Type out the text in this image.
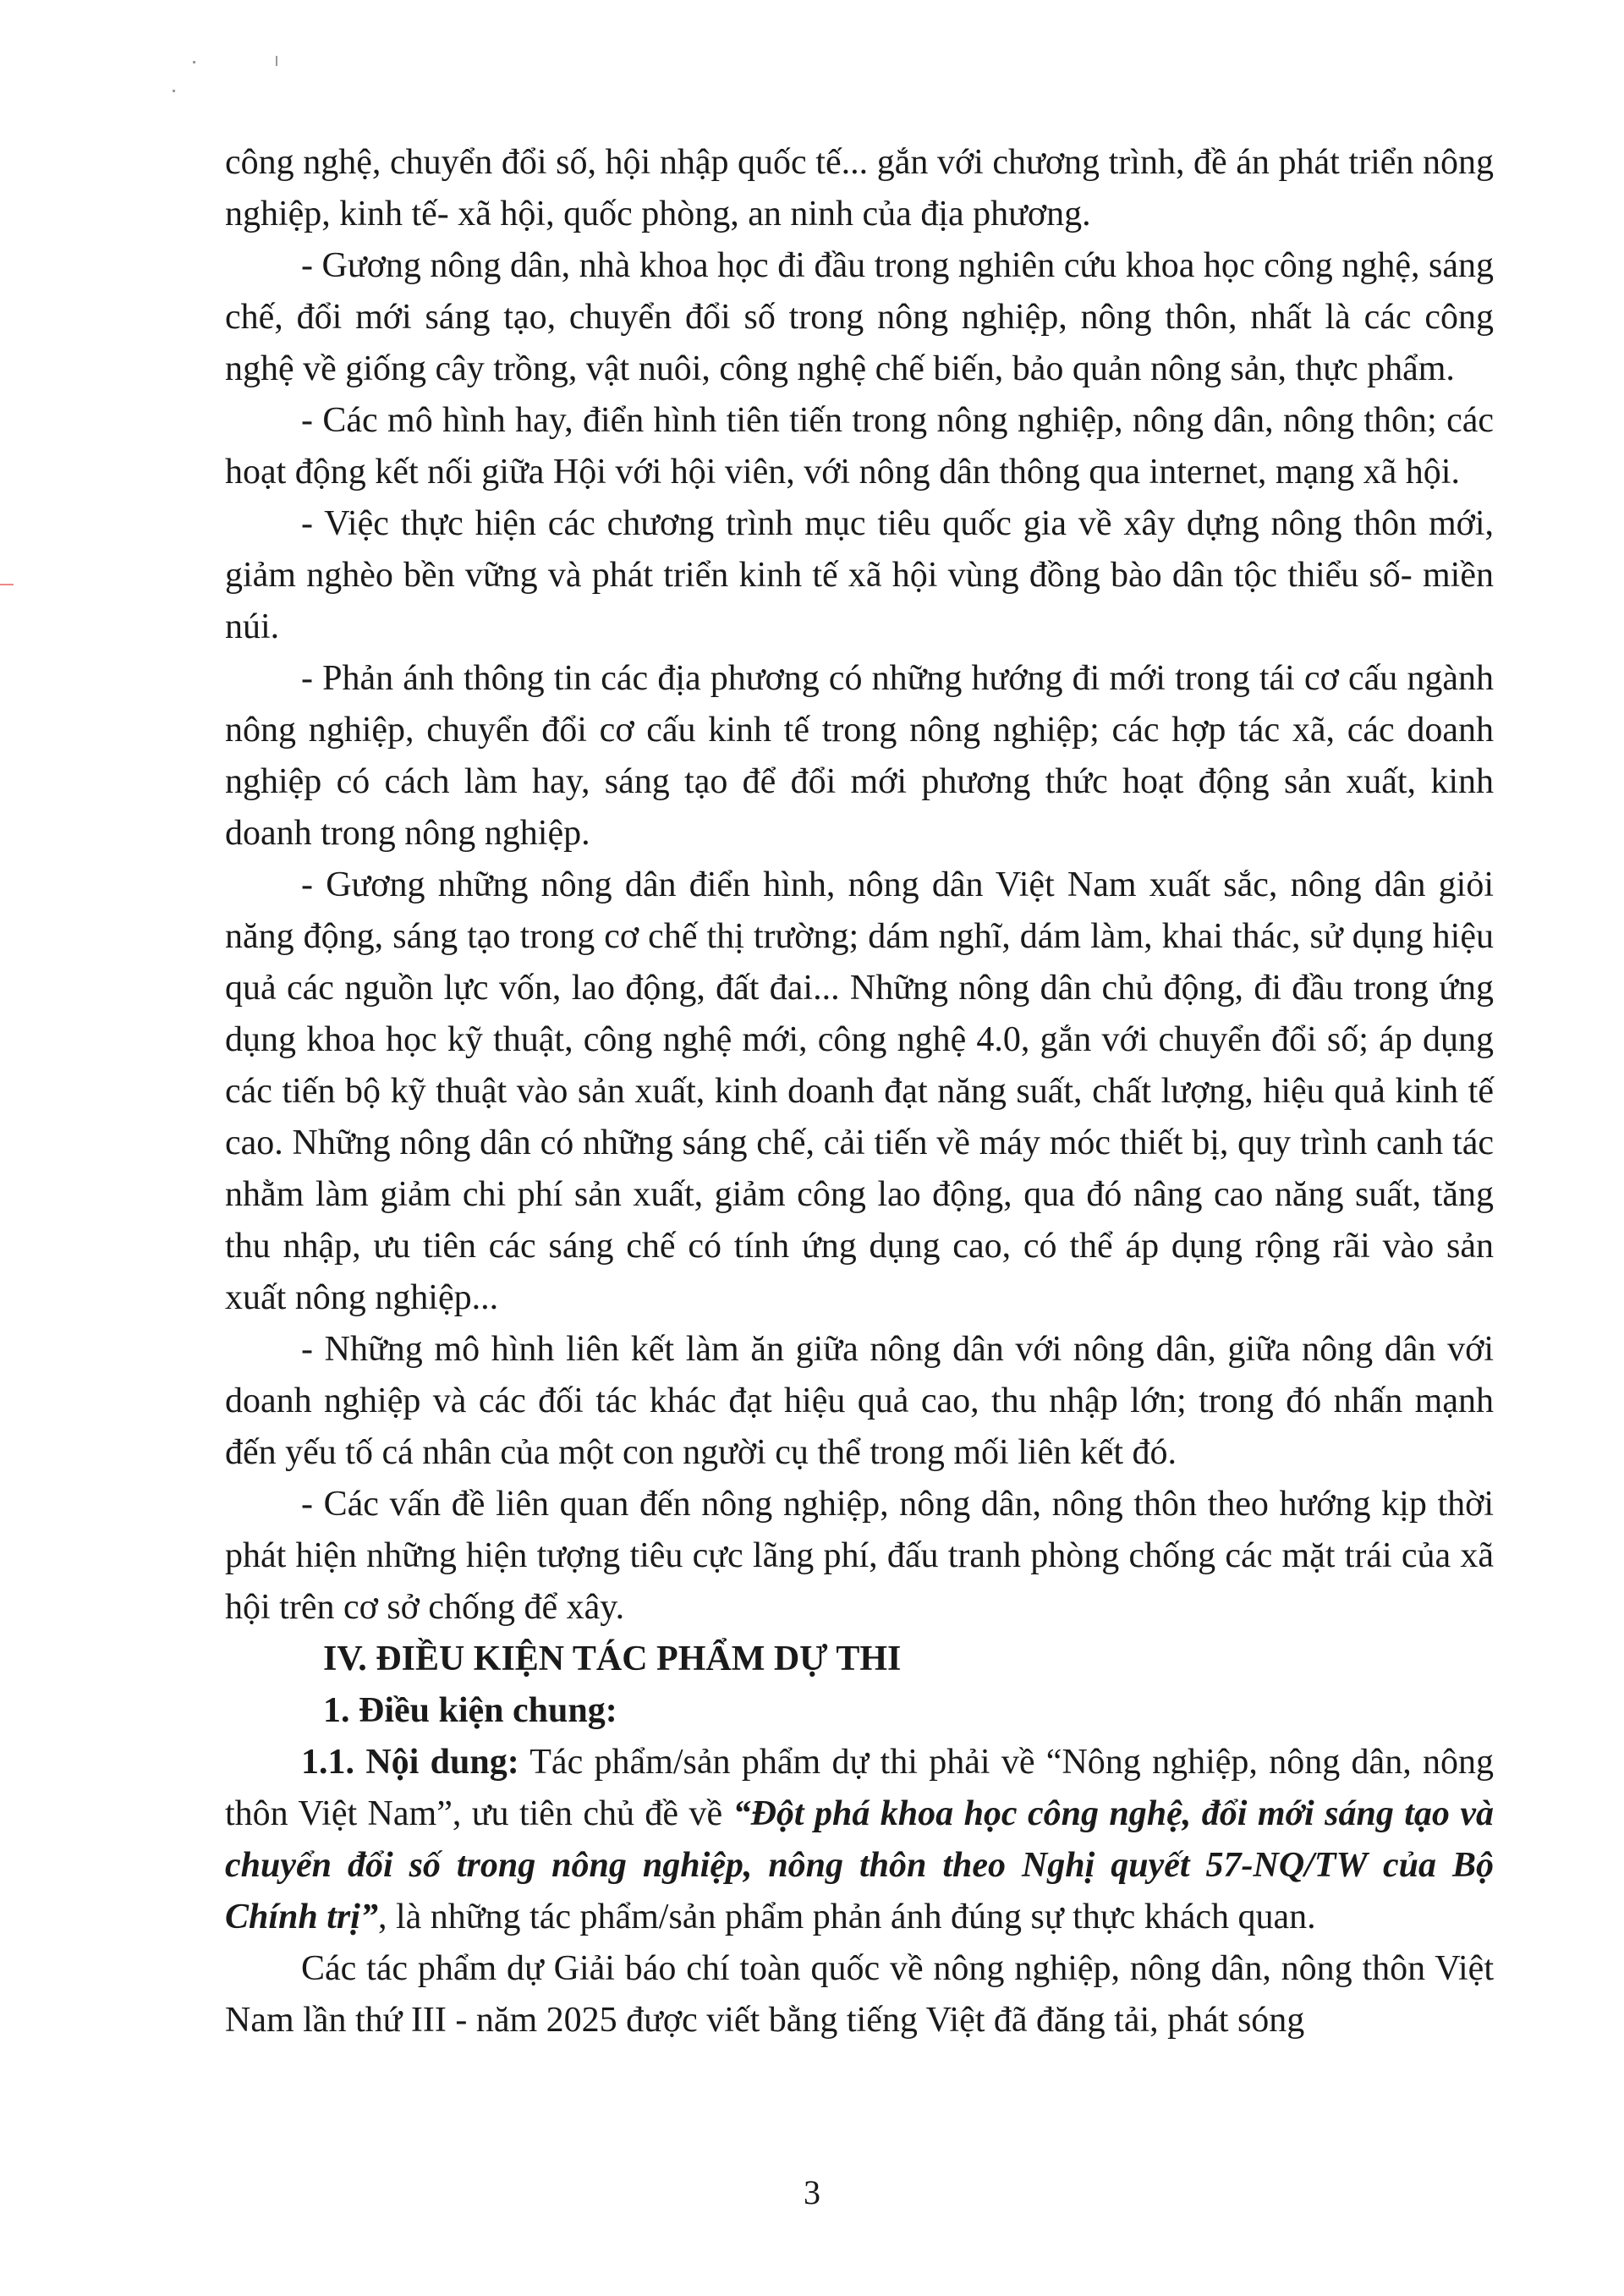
công nghệ, chuyển đổi số, hội nhập quốc tế... gắn với chương trình, đề án phát triển nông nghiệp, kinh tế- xã hội, quốc phòng, an ninh của địa phương.

- Gương nông dân, nhà khoa học đi đầu trong nghiên cứu khoa học công nghệ, sáng chế, đổi mới sáng tạo, chuyển đổi số trong nông nghiệp, nông thôn, nhất là các công nghệ về giống cây trồng, vật nuôi, công nghệ chế biến, bảo quản nông sản, thực phẩm.

- Các mô hình hay, điển hình tiên tiến trong nông nghiệp, nông dân, nông thôn; các hoạt động kết nối giữa Hội với hội viên, với nông dân thông qua internet, mạng xã hội.

- Việc thực hiện các chương trình mục tiêu quốc gia về xây dựng nông thôn mới, giảm nghèo bền vững và phát triển kinh tế xã hội vùng đồng bào dân tộc thiểu số- miền núi.

- Phản ánh thông tin các địa phương có những hướng đi mới trong tái cơ cấu ngành nông nghiệp, chuyển đổi cơ cấu kinh tế trong nông nghiệp; các hợp tác xã, các doanh nghiệp có cách làm hay, sáng tạo để đổi mới phương thức hoạt động sản xuất, kinh doanh trong nông nghiệp.

- Gương những nông dân điển hình, nông dân Việt Nam xuất sắc, nông dân giỏi năng động, sáng tạo trong cơ chế thị trường; dám nghĩ, dám làm, khai thác, sử dụng hiệu quả các nguồn lực vốn, lao động, đất đai... Những nông dân chủ động, đi đầu trong ứng dụng khoa học kỹ thuật, công nghệ mới, công nghệ 4.0, gắn với chuyển đổi số; áp dụng các tiến bộ kỹ thuật vào sản xuất, kinh doanh đạt năng suất, chất lượng, hiệu quả kinh tế cao. Những nông dân có những sáng chế, cải tiến về máy móc thiết bị, quy trình canh tác nhằm làm giảm chi phí sản xuất, giảm công lao động, qua đó nâng cao năng suất, tăng thu nhập, ưu tiên các sáng chế có tính ứng dụng cao, có thể áp dụng rộng rãi vào sản xuất nông nghiệp...

- Những mô hình liên kết làm ăn giữa nông dân với nông dân, giữa nông dân với doanh nghiệp và các đối tác khác đạt hiệu quả cao, thu nhập lớn; trong đó nhấn mạnh đến yếu tố cá nhân của một con người cụ thể trong mối liên kết đó.

- Các vấn đề liên quan đến nông nghiệp, nông dân, nông thôn theo hướng kịp thời phát hiện những hiện tượng tiêu cực lãng phí, đấu tranh phòng chống các mặt trái của xã hội trên cơ sở chống để xây.

IV. ĐIỀU KIỆN TÁC PHẨM DỰ THI

1. Điều kiện chung:

1.1. Nội dung: Tác phẩm/sản phẩm dự thi phải về “Nông nghiệp, nông dân, nông thôn Việt Nam”, ưu tiên chủ đề về “Đột phá khoa học công nghệ, đổi mới sáng tạo và chuyển đổi số trong nông nghiệp, nông thôn theo Nghị quyết 57-NQ/TW của Bộ Chính trị”, là những tác phẩm/sản phẩm phản ánh đúng sự thực khách quan.

Các tác phẩm dự Giải báo chí toàn quốc về nông nghiệp, nông dân, nông thôn Việt Nam lần thứ III - năm 2025 được viết bằng tiếng Việt đã đăng tải, phát sóng

3
